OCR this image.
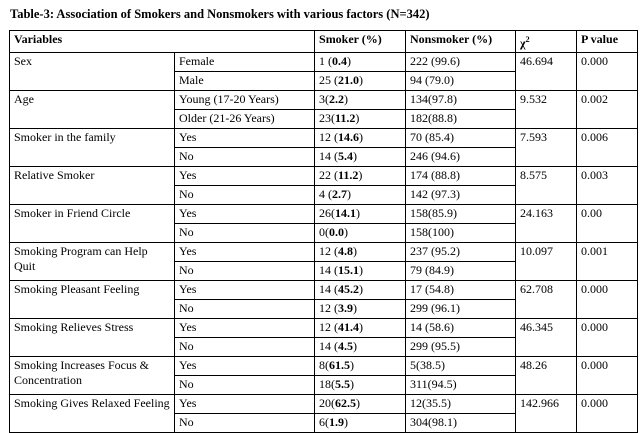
Table-3: Association of Smokers and Nonsmokers with various factors (N=342)
Variables		Smoker (%)	Nonsmoker (%)	$\chi^2$	P value
Sex	Female	1 (0.4)	222 (99.6)	46.694	0.000
	Male	25 (21.0)	94 (79.0)		
Age	Young (17-20 Years)	3(2.2)	134(97.8)	9.532	0.002
	Older (21-26 Years)	23(11.2)	182(88.8)		
Smoker in the family	Yes	12 (14.6)	70 (85.4)	7.593	0.006
	No	14 (5.4)	246 (94.6)		
Relative Smoker	Yes	22 (11.2)	174 (88.8)	8.575	0.003
	No	4 (2.7)	142 (97.3)		
Smoker in Friend Circle	Yes	26(14.1)	158(85.9)	24.163	0.00
	No	0(0.0)	158(100)		
Smoking Program can Help Quit	Yes	12 (4.8)	237 (95.2)	10.097	0.001
	No	14 (15.1)	79 (84.9)		
Smoking Pleasant Feeling	Yes	14 (45.2)	17 (54.8)	62.708	0.000
	No	12 (3.9)	299 (96.1)		
Smoking Relieves Stress	Yes	12 (41.4)	14 (58.6)	46.345	0.000
	No	14 (4.5)	299 (95.5)		
Smoking Increases Focus & Concentration	Yes	8(61.5)	5(38.5)	48.26	0.000
	No	18(5.5)	311(94.5)		
Smoking Gives Relaxed Feeling	Yes	20(62.5)	12(35.5)	142.966	0.000
	No	6(1.9)	304(98.1)		
